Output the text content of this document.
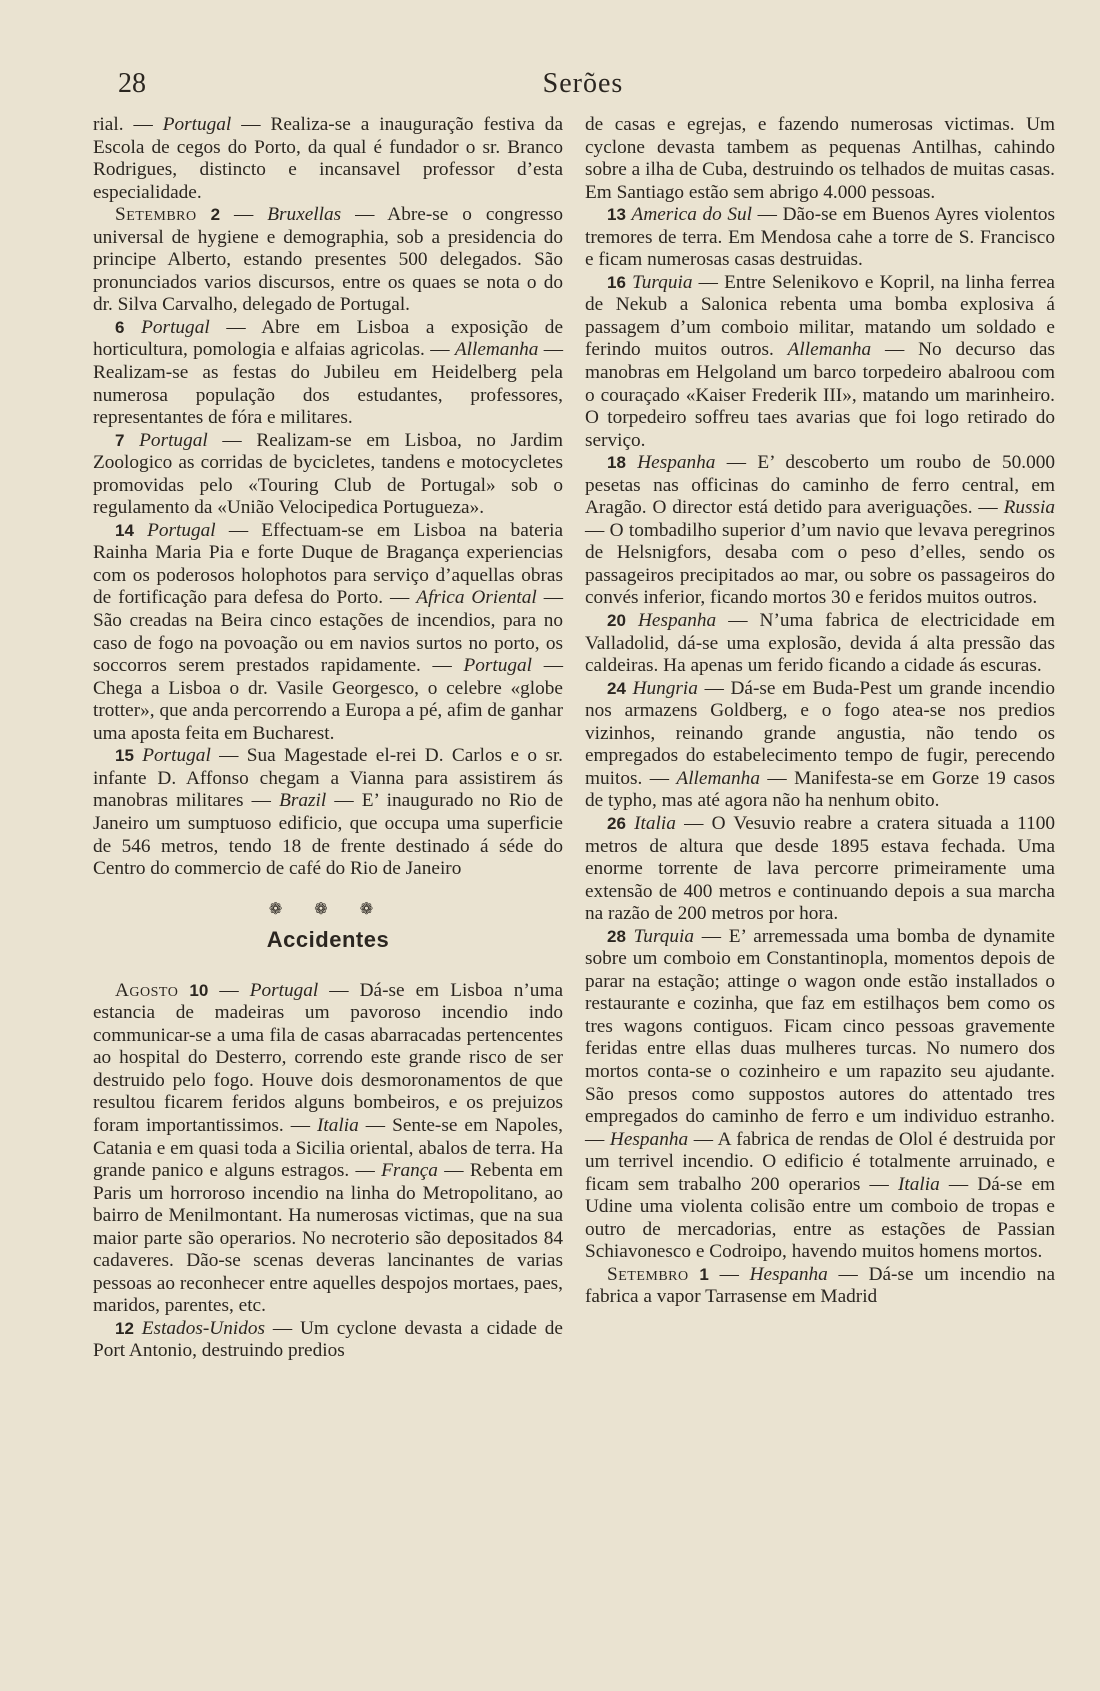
28	Serões

rial. — Portugal — Realiza-se a inauguração festiva da Escola de cegos do Porto, da qual é fundador o sr. Branco Rodrigues, distincto e incansavel professor d’esta especialidade.

Setembro 2 — Bruxellas — Abre-se o congresso universal de hygiene e demographia, sob a presidencia do principe Alberto, estando presentes 500 delegados. São pronunciados varios discursos, entre os quaes se nota o do dr. Silva Carvalho, delegado de Portugal.

6 Portugal — Abre em Lisboa a exposição de horticultura, pomologia e alfaias agricolas. — Allemanha — Realizam-se as festas do Jubileu em Heidelberg pela numerosa população dos estudantes, professores, representantes de fóra e militares.

7 Portugal — Realizam-se em Lisboa, no Jardim Zoologico as corridas de bycicletes, tandens e motocycletes promovidas pelo «Touring Club de Portugal» sob o regulamento da «União Velocipedica Portugueza».

14 Portugal — Effectuam-se em Lisboa na bateria Rainha Maria Pia e forte Duque de Bragança experiencias com os poderosos holophotos para serviço d’aquellas obras de fortificação para defesa do Porto. — Africa Oriental — São creadas na Beira cinco estações de incendios, para no caso de fogo na povoação ou em navios surtos no porto, os soccorros serem prestados rapidamente. — Portugal — Chega a Lisboa o dr. Vasile Georgesco, o celebre «globe trotter», que anda percorrendo a Europa a pé, afim de ganhar uma aposta feita em Bucharest.

15 Portugal — Sua Magestade el-rei D. Carlos e o sr. infante D. Affonso chegam a Vianna para assistirem ás manobras militares — Brazil — E’ inaugurado no Rio de Janeiro um sumptuoso edificio, que occupa uma superficie de 546 metros, tendo 18 de frente destinado á séde do Centro do commercio de café do Rio de Janeiro

❁ ❁ ❁
Accidentes

Agosto 10 — Portugal — Dá-se em Lisboa n’uma estancia de madeiras um pavoroso incendio indo communicar-se a uma fila de casas abarracadas pertencentes ao hospital do Desterro, correndo este grande risco de ser destruido pelo fogo. Houve dois desmoronamentos de que resultou ficarem feridos alguns bombeiros, e os prejuizos foram importantissimos. — Italia — Sente-se em Napoles, Catania e em quasi toda a Sicilia oriental, abalos de terra. Ha grande panico e alguns estragos. — França — Rebenta em Paris um horroroso incendio na linha do Metropolitano, ao bairro de Menilmontant. Ha numerosas victimas, que na sua maior parte são operarios. No necroterio são depositados 84 cadaveres. Dão-se scenas deveras lancinantes de varias pessoas ao reconhecer entre aquelles despojos mortaes, paes, maridos, parentes, etc.

12 Estados-Unidos — Um cyclone devasta a cidade de Port Antonio, destruindo predios

de casas e egrejas, e fazendo numerosas victimas. Um cyclone devasta tambem as pequenas Antilhas, cahindo sobre a ilha de Cuba, destruindo os telhados de muitas casas. Em Santiago estão sem abrigo 4.000 pessoas.

13 America do Sul — Dão-se em Buenos Ayres violentos tremores de terra. Em Mendosa cahe a torre de S. Francisco e ficam numerosas casas destruidas.

16 Turquia — Entre Selenikovo e Kopril, na linha ferrea de Nekub a Salonica rebenta uma bomba explosiva á passagem d’um comboio militar, matando um soldado e ferindo muitos outros. Allemanha — No decurso das manobras em Helgoland um barco torpedeiro abalroou com o couraçado «Kaiser Frederik III», matando um marinheiro. O torpedeiro soffreu taes avarias que foi logo retirado do serviço.

18 Hespanha — E’ descoberto um roubo de 50.000 pesetas nas officinas do caminho de ferro central, em Aragão. O director está detido para averiguações. — Russia — O tombadilho superior d’um navio que levava peregrinos de Helsnigfors, desaba com o peso d’elles, sendo os passageiros precipitados ao mar, ou sobre os passageiros do convés inferior, ficando mortos 30 e feridos muitos outros.

20 Hespanha — N’uma fabrica de electricidade em Valladolid, dá-se uma explosão, devida á alta pressão das caldeiras. Ha apenas um ferido ficando a cidade ás escuras.

24 Hungria — Dá-se em Buda-Pest um grande incendio nos armazens Goldberg, e o fogo atea-se nos predios vizinhos, reinando grande angustia, não tendo os empregados do estabelecimento tempo de fugir, perecendo muitos. — Allemanha — Manifesta-se em Gorze 19 casos de typho, mas até agora não ha nenhum obito.

26 Italia — O Vesuvio reabre a cratera situada a 1100 metros de altura que desde 1895 estava fechada. Uma enorme torrente de lava percorre primeiramente uma extensão de 400 metros e continuando depois a sua marcha na razão de 200 metros por hora.

28 Turquia — E’ arremessada uma bomba de dynamite sobre um comboio em Constantinopla, momentos depois de parar na estação; attinge o wagon onde estão installados o restaurante e cozinha, que faz em estilhaços bem como os tres wagons contiguos. Ficam cinco pessoas gravemente feridas entre ellas duas mulheres turcas. No numero dos mortos conta-se o cozinheiro e um rapazito seu ajudante. São presos como suppostos autores do attentado tres empregados do caminho de ferro e um individuo estranho. — Hespanha — A fabrica de rendas de Olol é destruida por um terrivel incendio. O edificio é totalmente arruinado, e ficam sem trabalho 200 operarios — Italia — Dá-se em Udine uma violenta colisão entre um comboio de tropas e outro de mercadorias, entre as estações de Passian Schiavonesco e Codroipo, havendo muitos homens mortos.

Setembro 1 — Hespanha — Dá-se um incendio na fabrica a vapor Tarrasense em Madrid
